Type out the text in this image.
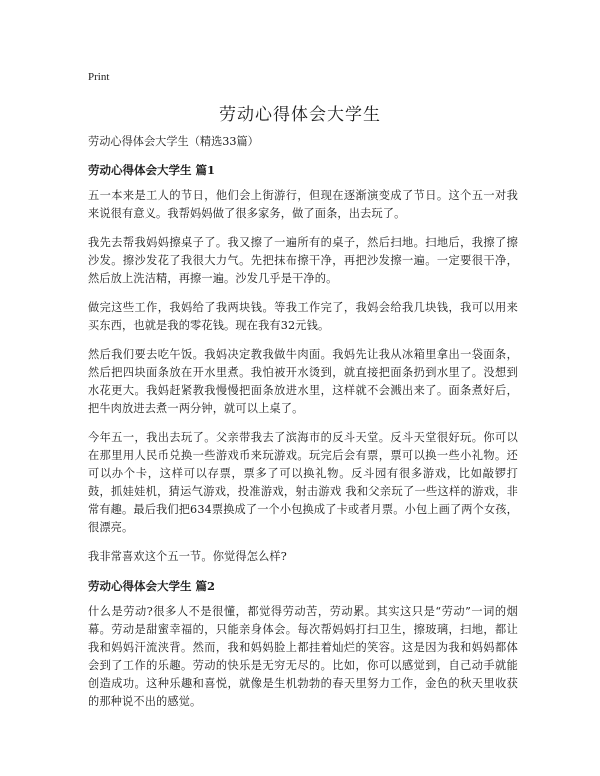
Print
劳动心得体会大学生

劳动心得体会大学生（精选33篇）

劳动心得体会大学生 篇1

五一本来是工人的节日，他们会上街游行，但现在逐渐演变成了节日。这个五一对我来说很有意义。我帮妈妈做了很多家务，做了面条，出去玩了。

我先去帮我妈妈擦桌子了。我又擦了一遍所有的桌子，然后扫地。扫地后，我擦了擦沙发。擦沙发花了我很大力气。先把抹布擦干净，再把沙发擦一遍。一定要很干净，然后放上洗洁精，再擦一遍。沙发几乎是干净的。

做完这些工作，我妈给了我两块钱。等我工作完了，我妈会给我几块钱，我可以用来买东西，也就是我的零花钱。现在我有32元钱。

然后我们要去吃午饭。我妈决定教我做牛肉面。我妈先让我从冰箱里拿出一袋面条，然后把四块面条放在开水里煮。我怕被开水烫到，就直接把面条扔到水里了。没想到水花更大。我妈赶紧教我慢慢把面条放进水里，这样就不会溅出来了。面条煮好后，把牛肉放进去煮一两分钟，就可以上桌了。

今年五一，我出去玩了。父亲带我去了滨海市的反斗天堂。反斗天堂很好玩。你可以在那里用人民币兑换一些游戏币来玩游戏。玩完后会有票，票可以换一些小礼物。还可以办个卡，这样可以存票，票多了可以换礼物。反斗园有很多游戏，比如敲锣打鼓，抓娃娃机，猜运气游戏，投准游戏，射击游戏 我和父亲玩了一些这样的游戏，非常有趣。最后我们把634票换成了一个小包换成了卡或者月票。小包上画了两个女孩，很漂亮。

我非常喜欢这个五一节。你觉得怎么样?

劳动心得体会大学生 篇2

什么是劳动?很多人不是很懂，都觉得劳动苦，劳动累。其实这只是“劳动”一词的烟幕。劳动是甜蜜幸福的，只能亲身体会。每次帮妈妈打扫卫生，擦玻璃，扫地，都让我和妈妈汗流浃背。然而，我和妈妈脸上都挂着灿烂的笑容。这是因为我和妈妈都体会到了工作的乐趣。劳动的快乐是无穷无尽的。比如，你可以感觉到，自己动手就能创造成功。这种乐趣和喜悦，就像是生机勃勃的春天里努力工作，金色的秋天里收获的那种说不出的感觉。
